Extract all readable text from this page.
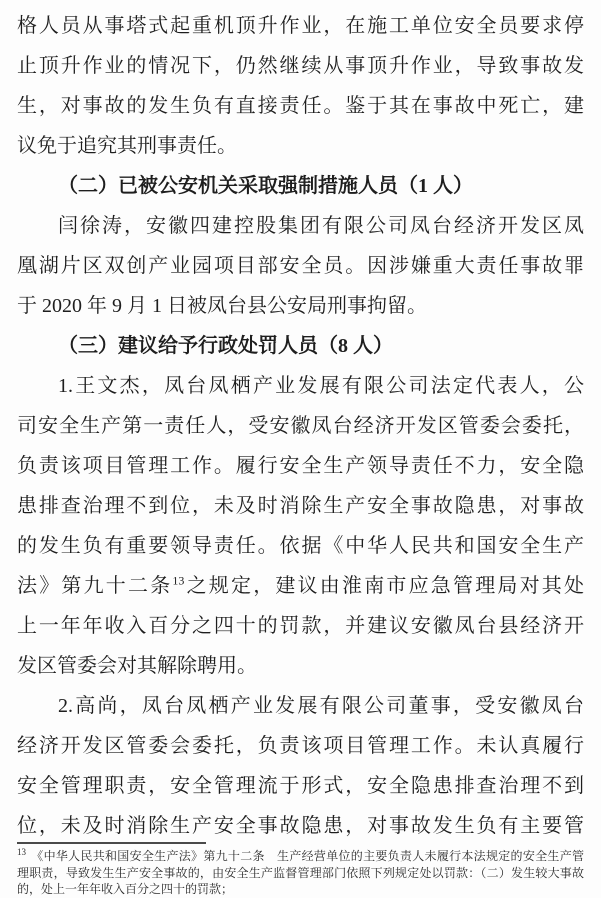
格人员从事塔式起重机顶升作业，在施工单位安全员要求停
止顶升作业的情况下，仍然继续从事顶升作业，导致事故发
生，对事故的发生负有直接责任。鉴于其在事故中死亡，建
议免于追究其刑事责任。
（二）已被公安机关采取强制措施人员（1 人）
闫徐涛，安徽四建控股集团有限公司凤台经济开发区凤
凰湖片区双创产业园项目部安全员。因涉嫌重大责任事故罪
于 2020 年 9 月 1 日被凤台县公安局刑事拘留。
（三）建议给予行政处罚人员（8 人）
1.王文杰，凤台凤栖产业发展有限公司法定代表人，公
司安全生产第一责任人，受安徽凤台经济开发区管委会委托，
负责该项目管理工作。履行安全生产领导责任不力，安全隐
患排查治理不到位，未及时消除生产安全事故隐患，对事故
的发生负有重要领导责任。依据《中华人民共和国安全生产
法》第九十二条$^{13}$之规定，建议由淮南市应急管理局对其处
上一年年收入百分之四十的罚款，并建议安徽凤台县经济开
发区管委会对其解除聘用。
2.高尚，凤台凤栖产业发展有限公司董事，受安徽凤台
经济开发区管委会委托，负责该项目管理工作。未认真履行
安全管理职责，安全管理流于形式，安全隐患排查治理不到
位，未及时消除生产安全事故隐患，对事故发生负有主要管
$^{13}$ 《中华人民共和国安全生产法》第九十二条　生产经营单位的主要负责人未履行本法规定的安全生产管
理职责，导致发生生产安全事故的，由安全生产监督管理部门依照下列规定处以罚款：（二）发生较大事故
的，处上一年年收入百分之四十的罚款；
